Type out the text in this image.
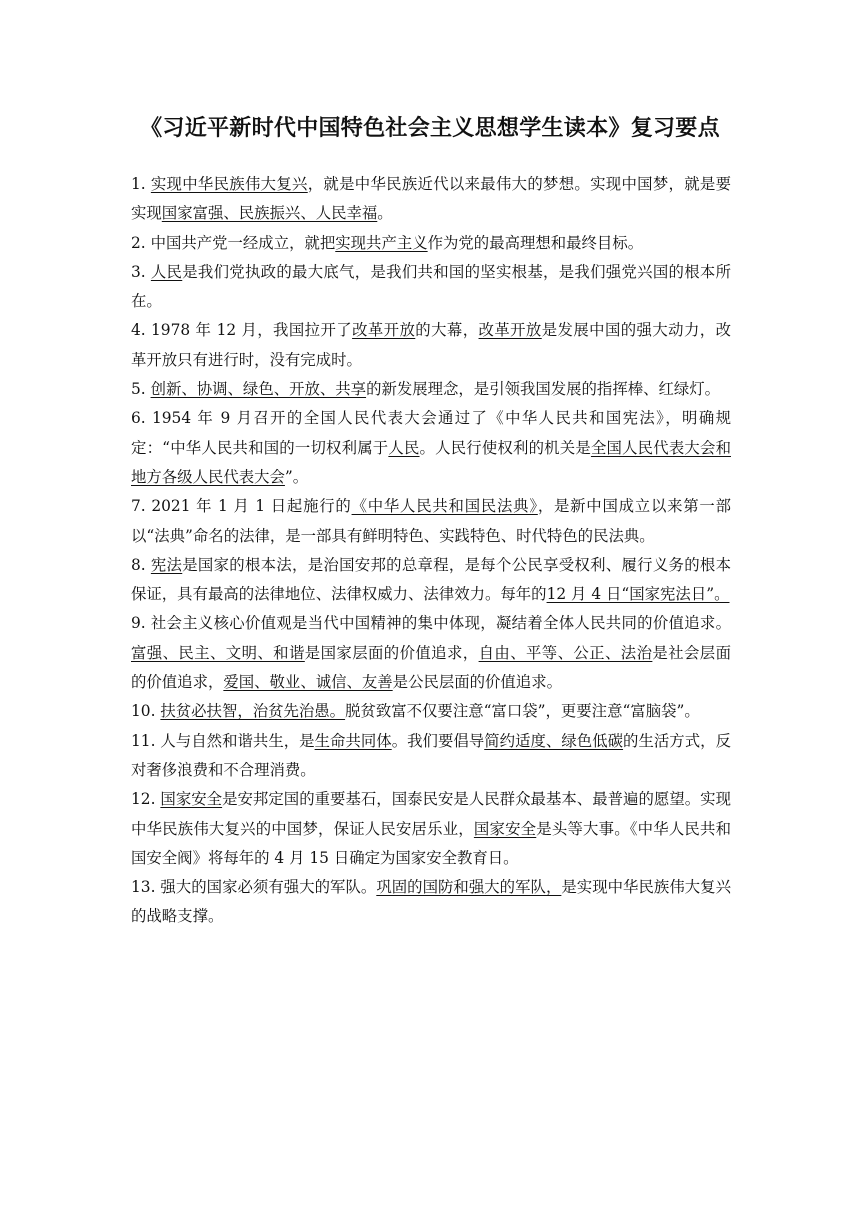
《习近平新时代中国特色社会主义思想学生读本》复习要点

1. 实现中华民族伟大复兴，就是中华民族近代以来最伟大的梦想。实现中国梦，就是要实现国家富强、民族振兴、人民幸福。

2. 中国共产党一经成立，就把实现共产主义作为党的最高理想和最终目标。

3. 人民是我们党执政的最大底气，是我们共和国的坚实根基，是我们强党兴国的根本所在。

4. 1978 年 12 月，我国拉开了改革开放的大幕，改革开放是发展中国的强大动力，改革开放只有进行时，没有完成时。

5. 创新、协调、绿色、开放、共享的新发展理念，是引领我国发展的指挥棒、红绿灯。

6. 1954 年 9 月召开的全国人民代表大会通过了《中华人民共和国宪法》，明确规定：“中华人民共和国的一切权利属于人民。人民行使权利的机关是全国人民代表大会和地方各级人民代表大会”。

7. 2021 年 1 月 1 日起施行的《中华人民共和国民法典》，是新中国成立以来第一部以“法典”命名的法律，是一部具有鲜明特色、实践特色、时代特色的民法典。

8. 宪法是国家的根本法，是治国安邦的总章程，是每个公民享受权利、履行义务的根本保证，具有最高的法律地位、法律权威力、法律效力。每年的12 月 4 日“国家宪法日”。

9. 社会主义核心价值观是当代中国精神的集中体现，凝结着全体人民共同的价值追求。富强、民主、文明、和谐是国家层面的价值追求，自由、平等、公正、法治是社会层面的价值追求，爱国、敬业、诚信、友善是公民层面的价值追求。

10. 扶贫必扶智，治贫先治愚。脱贫致富不仅要注意“富口袋”，更要注意“富脑袋”。

11. 人与自然和谐共生，是生命共同体。我们要倡导简约适度、绿色低碳的生活方式，反对奢侈浪费和不合理消费。

12. 国家安全是安邦定国的重要基石，国泰民安是人民群众最基本、最普遍的愿望。实现中华民族伟大复兴的中国梦，保证人民安居乐业，国家安全是头等大事。《中华人民共和国安全阀》将每年的 4 月 15 日确定为国家安全教育日。

13. 强大的国家必须有强大的军队。巩固的国防和强大的军队，是实现中华民族伟大复兴的战略支撑。
